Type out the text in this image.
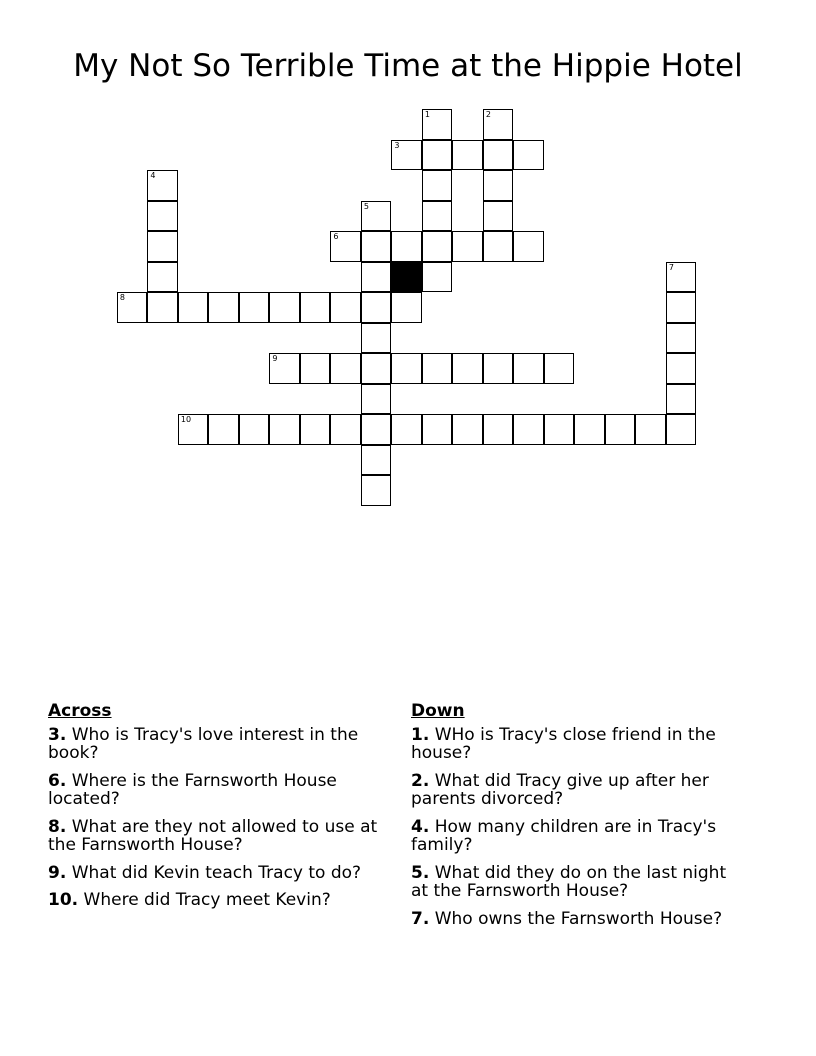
My Not So Terrible Time at the Hippie Hotel
1	2
3
4
5
6
7
8
9
10
Across
3. Who is Tracy's love interest in the book?
6. Where is the Farnsworth House located?
8. What are they not allowed to use at the Farnsworth House?
9. What did Kevin teach Tracy to do?
10. Where did Tracy meet Kevin?
Down
1. WHo is Tracy's close friend in the house?
2. What did Tracy give up after her parents divorced?
4. How many children are in Tracy's family?
5. What did they do on the last night at the Farnsworth House?
7. Who owns the Farnsworth House?
